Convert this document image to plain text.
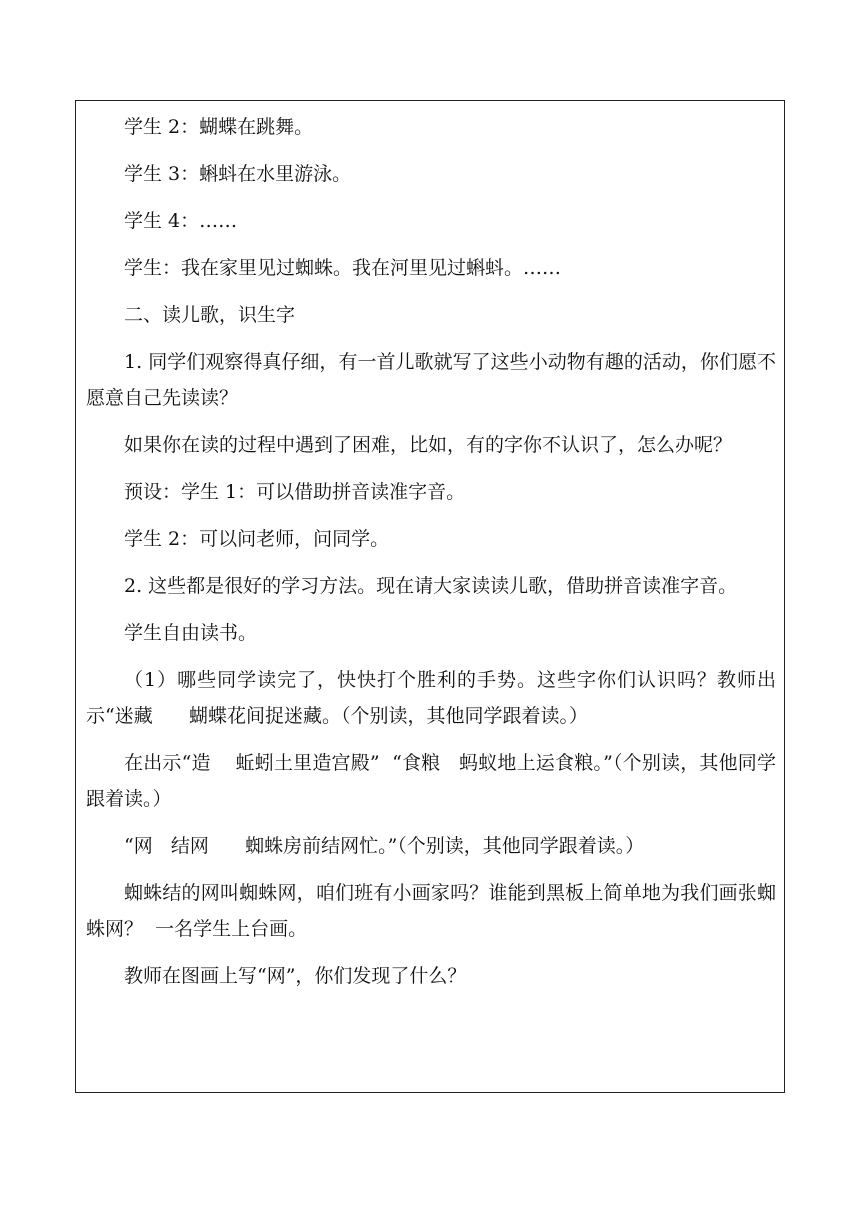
学生 2：蝴蝶在跳舞。

学生 3：蝌蚪在水里游泳。

学生 4：……

学生：我在家里见过蜘蛛。我在河里见过蝌蚪。……

二、读儿歌，识生字

1. 同学们观察得真仔细，有一首儿歌就写了这些小动物有趣的活动，你们愿不愿意自己先读读？

如果你在读的过程中遇到了困难，比如，有的字你不认识了，怎么办呢？

预设：学生 1：可以借助拼音读准字音。

学生 2：可以问老师，问同学。

2. 这些都是很好的学习方法。现在请大家读读儿歌，借助拼音读准字音。

学生自由读书。

（1）哪些同学读完了，快快打个胜利的手势。这些字你们认识吗？教师出示“迷藏      蝴蝶花间捉迷藏。（个别读，其他同学跟着读。）

在出示“造    蚯蚓土里造宫殿”  “食粮   蚂蚁地上运食粮。”（个别读，其他同学跟着读。）

“网   结网      蜘蛛房前结网忙。”（个别读，其他同学跟着读。）

蜘蛛结的网叫蜘蛛网，咱们班有小画家吗？谁能到黑板上简单地为我们画张蜘蛛网？  一名学生上台画。

教师在图画上写“网”，你们发现了什么？
